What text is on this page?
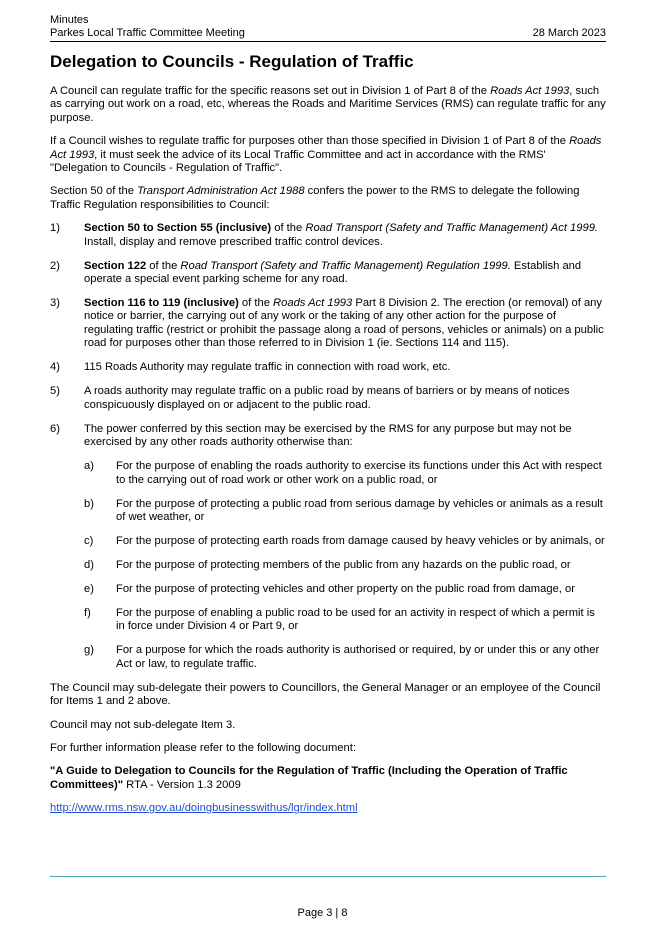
Minutes
Parkes Local Traffic Committee Meeting	28 March 2023
Delegation to Councils - Regulation of Traffic

A Council can regulate traffic for the specific reasons set out in Division 1 of Part 8 of the Roads Act 1993, such as carrying out work on a road, etc, whereas the Roads and Maritime Services (RMS) can regulate traffic for any purpose.

If a Council wishes to regulate traffic for purposes other than those specified in Division 1 of Part 8 of the Roads Act 1993, it must seek the advice of its Local Traffic Committee and act in accordance with the RMS' "Delegation to Councils - Regulation of Traffic".

Section 50 of the Transport Administration Act 1988 confers the power to the RMS to delegate the following Traffic Regulation responsibilities to Council:

1)	Section 50 to Section 55 (inclusive) of the Road Transport (Safety and Traffic Management) Act 1999. Install, display and remove prescribed traffic control devices.
2)	Section 122 of the Road Transport (Safety and Traffic Management) Regulation 1999. Establish and operate a special event parking scheme for any road.
3)	Section 116 to 119 (inclusive) of the Roads Act 1993 Part 8 Division 2. The erection (or removal) of any notice or barrier, the carrying out of any work or the taking of any other action for the purpose of regulating traffic (restrict or prohibit the passage along a road of persons, vehicles or animals) on a public road for purposes other than those referred to in Division 1 (ie. Sections 114 and 115).
4)	115 Roads Authority may regulate traffic in connection with road work, etc.
5)	A roads authority may regulate traffic on a public road by means of barriers or by means of notices conspicuously displayed on or adjacent to the public road.
6)	The power conferred by this section may be exercised by the RMS for any purpose but may not be exercised by any other roads authority otherwise than:
a)	For the purpose of enabling the roads authority to exercise its functions under this Act with respect to the carrying out of road work or other work on a public road, or
b)	For the purpose of protecting a public road from serious damage by vehicles or animals as a result of wet weather, or
c)	For the purpose of protecting earth roads from damage caused by heavy vehicles or by animals, or
d)	For the purpose of protecting members of the public from any hazards on the public road, or
e)	For the purpose of protecting vehicles and other property on the public road from damage, or
f)	For the purpose of enabling a public road to be used for an activity in respect of which a permit is in force under Division 4 or Part 9, or
g)	For a purpose for which the roads authority is authorised or required, by or under this or any other Act or law, to regulate traffic.

The Council may sub-delegate their powers to Councillors, the General Manager or an employee of the Council for Items 1 and 2 above.

Council may not sub-delegate Item 3.

For further information please refer to the following document:

"A Guide to Delegation to Councils for the Regulation of Traffic (Including the Operation of Traffic Committees)" RTA - Version 1.3 2009

http://www.rms.nsw.gov.au/doingbusinesswithus/lgr/index.html

Page 3 | 8
